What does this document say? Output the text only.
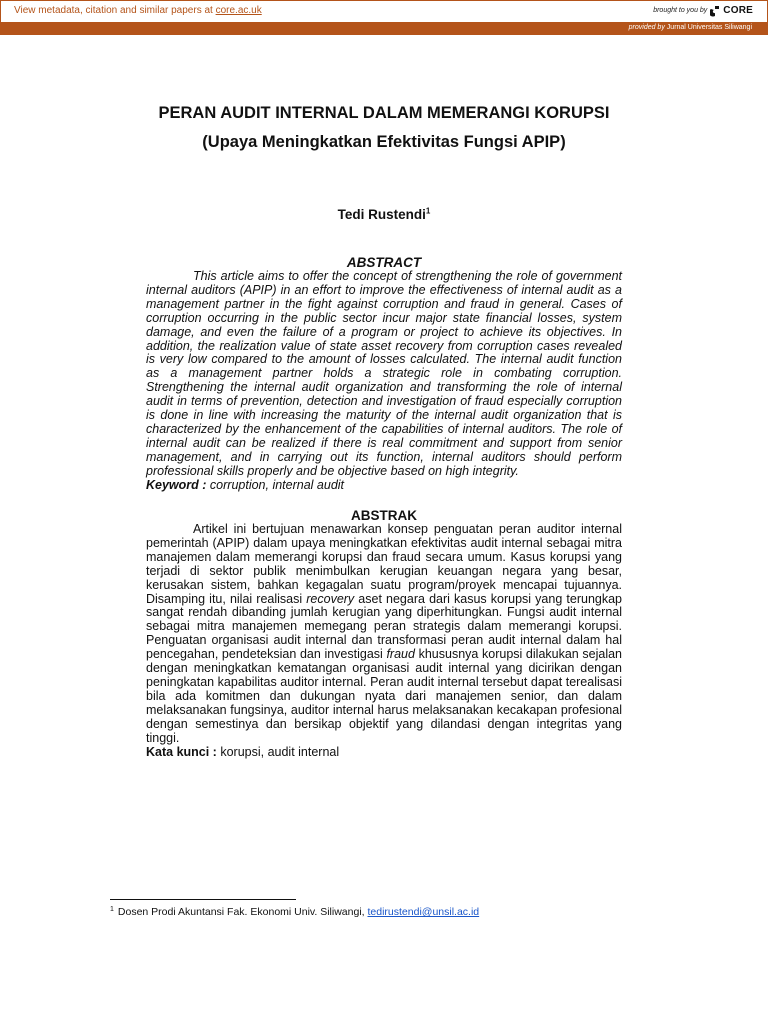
View metadata, citation and similar papers at core.ac.uk	brought to you by CORE
provided by Jurnal Universitas Siliwangi
PERAN AUDIT INTERNAL DALAM MEMERANGI KORUPSI
(Upaya Meningkatkan Efektivitas Fungsi APIP)
Tedi Rustendi$^1$
ABSTRACT
This article aims to offer the concept of strengthening the role of government internal auditors (APIP) in an effort to improve the effectiveness of internal audit as a management partner in the fight against corruption and fraud in general. Cases of corruption occurring in the public sector incur major state financial losses, system damage, and even the failure of a program or project to achieve its objectives. In addition, the realization value of state asset recovery from corruption cases revealed is very low compared to the amount of losses calculated. The internal audit function as a management partner holds a strategic role in combating corruption. Strengthening the internal audit organization and transforming the role of internal audit in terms of prevention, detection and investigation of fraud especially corruption is done in line with increasing the maturity of the internal audit organization that is characterized by the enhancement of the capabilities of internal auditors. The role of internal audit can be realized if there is real commitment and support from senior management, and in carrying out its function, internal auditors should perform professional skills properly and be objective based on high integrity.
Keyword : corruption, internal audit
ABSTRAK
Artikel ini bertujuan menawarkan konsep penguatan peran auditor internal pemerintah (APIP) dalam upaya meningkatkan efektivitas audit internal sebagai mitra manajemen dalam memerangi korupsi dan fraud secara umum. Kasus korupsi yang terjadi di sektor publik menimbulkan kerugian keuangan negara yang besar, kerusakan sistem, bahkan kegagalan suatu program/proyek mencapai tujuannya. Disamping itu, nilai realisasi recovery aset negara dari kasus korupsi yang terungkap sangat rendah dibanding jumlah kerugian yang diperhitungkan. Fungsi audit internal sebagai mitra manajemen memegang peran strategis dalam memerangi korupsi. Penguatan organisasi audit internal dan transformasi peran audit internal dalam hal pencegahan, pendeteksian dan investigasi fraud khususnya korupsi dilakukan sejalan dengan meningkatkan kematangan organisasi audit internal yang dicirikan dengan peningkatan kapabilitas auditor internal. Peran audit internal tersebut dapat terealisasi bila ada komitmen dan dukungan nyata dari manajemen senior, dan dalam melaksanakan fungsinya, auditor internal harus melaksanakan kecakapan profesional dengan semestinya dan bersikap objektif yang dilandasi dengan integritas yang tinggi.
Kata kunci : korupsi, audit internal
$^1$ Dosen Prodi Akuntansi Fak. Ekonomi Univ. Siliwangi, tedirustendi@unsil.ac.id
